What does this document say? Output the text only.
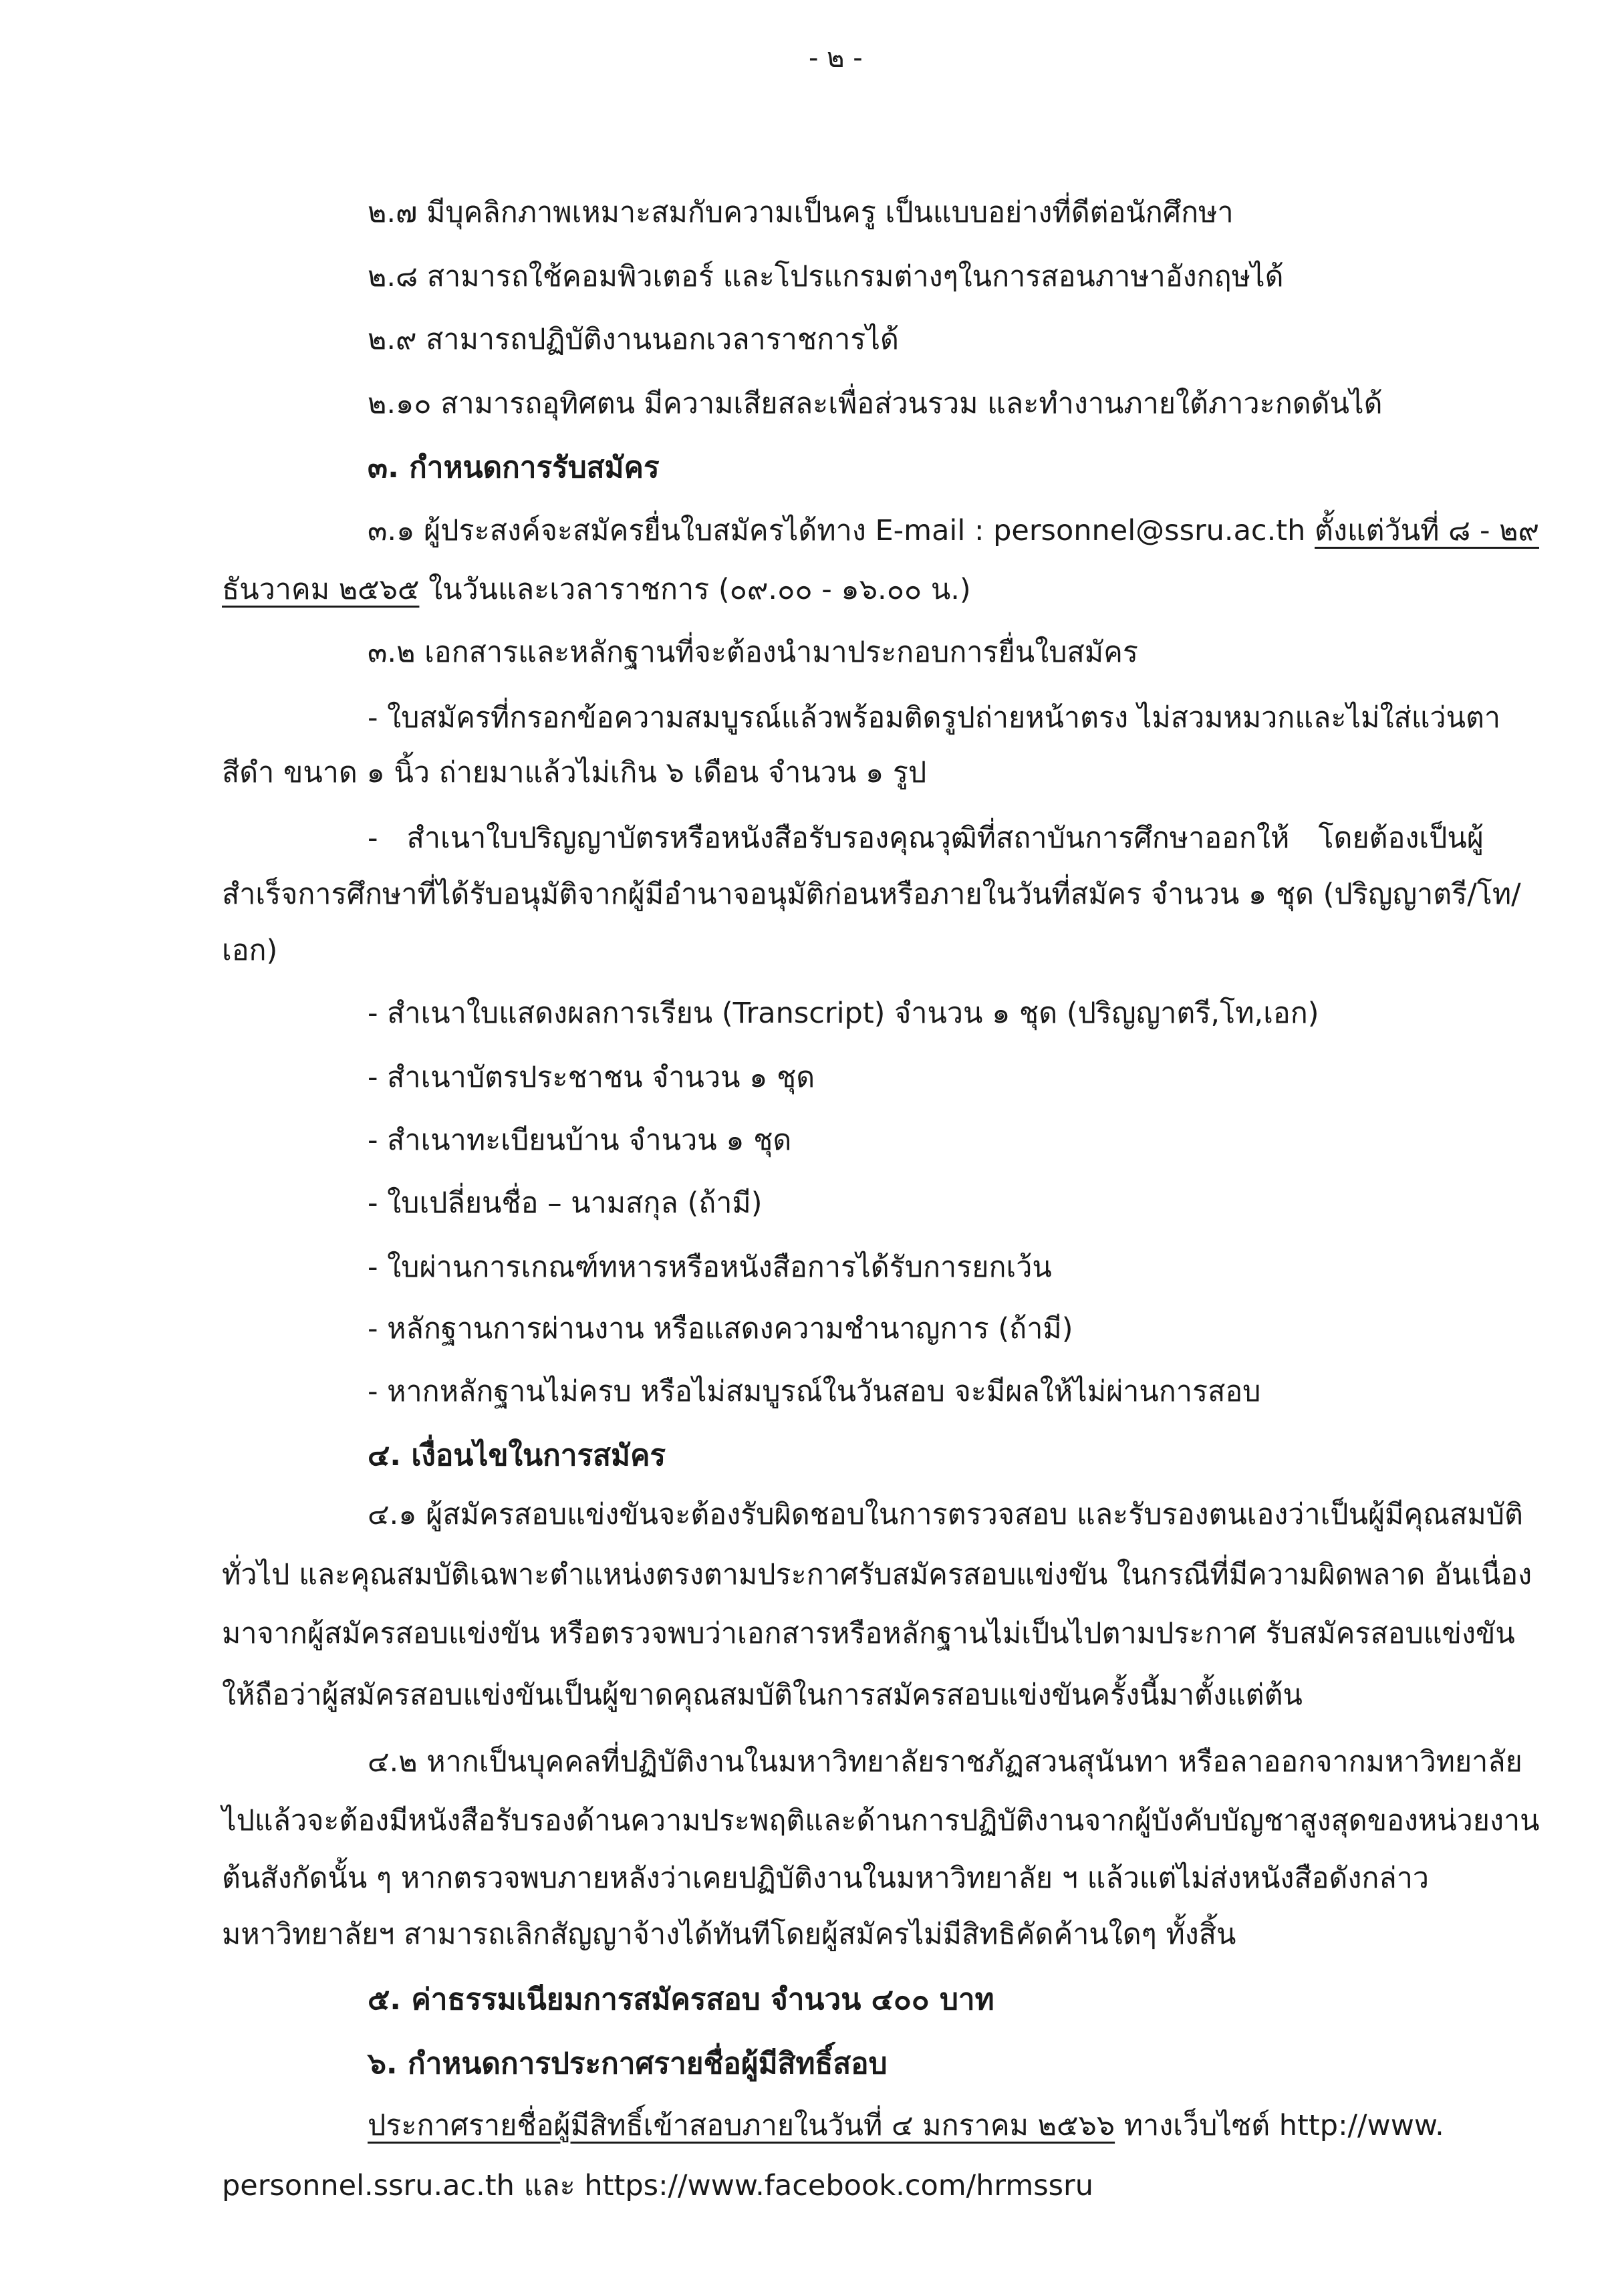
- ๒ -
๒.๗ มีบุคลิกภาพเหมาะสมกับความเป็นครู เป็นแบบอย่างที่ดีต่อนักศึกษา
๒.๘ สามารถใช้คอมพิวเตอร์ และโปรแกรมต่างๆในการสอนภาษาอังกฤษได้
๒.๙ สามารถปฏิบัติงานนอกเวลาราชการได้
๒.๑๐ สามารถอุทิศตน มีความเสียสละเพื่อส่วนรวม และทำงานภายใต้ภาวะกดดันได้
๓. กำหนดการรับสมัคร
๓.๑ ผู้ประสงค์จะสมัครยื่นใบสมัครได้ทาง E-mail : personnel@ssru.ac.th ตั้งแต่วันที่ ๘ - ๒๙
ธันวาคม ๒๕๖๕ ในวันและเวลาราชการ (๐๙.๐๐ - ๑๖.๐๐ น.)
๓.๒ เอกสารและหลักฐานที่จะต้องนำมาประกอบการยื่นใบสมัคร
- ใบสมัครที่กรอกข้อความสมบูรณ์แล้วพร้อมติดรูปถ่ายหน้าตรง ไม่สวมหมวกและไม่ใส่แว่นตา
สีดำ ขนาด ๑ นิ้ว ถ่ายมาแล้วไม่เกิน ๖ เดือน จำนวน ๑ รูป
- สำเนาใบปริญญาบัตรหรือหนังสือรับรองคุณวุฒิที่สถาบันการศึกษาออกให้ โดยต้องเป็นผู้
สำเร็จการศึกษาที่ได้รับอนุมัติจากผู้มีอำนาจอนุมัติก่อนหรือภายในวันที่สมัคร จำนวน ๑ ชุด (ปริญญาตรี/โท/
เอก)
- สำเนาใบแสดงผลการเรียน (Transcript) จำนวน ๑ ชุด (ปริญญาตรี,โท,เอก)
- สำเนาบัตรประชาชน จำนวน ๑ ชุด
- สำเนาทะเบียนบ้าน จำนวน ๑ ชุด
- ใบเปลี่ยนชื่อ – นามสกุล (ถ้ามี)
- ใบผ่านการเกณฑ์ทหารหรือหนังสือการได้รับการยกเว้น
- หลักฐานการผ่านงาน หรือแสดงความชำนาญการ (ถ้ามี)
- หากหลักฐานไม่ครบ หรือไม่สมบูรณ์ในวันสอบ จะมีผลให้ไม่ผ่านการสอบ
๔. เงื่อนไขในการสมัคร
๔.๑ ผู้สมัครสอบแข่งขันจะต้องรับผิดชอบในการตรวจสอบ และรับรองตนเองว่าเป็นผู้มีคุณสมบัติ
ทั่วไป และคุณสมบัติเฉพาะตำแหน่งตรงตามประกาศรับสมัครสอบแข่งขัน ในกรณีที่มีความผิดพลาด อันเนื่อง
มาจากผู้สมัครสอบแข่งขัน หรือตรวจพบว่าเอกสารหรือหลักฐานไม่เป็นไปตามประกาศ รับสมัครสอบแข่งขัน
ให้ถือว่าผู้สมัครสอบแข่งขันเป็นผู้ขาดคุณสมบัติในการสมัครสอบแข่งขันครั้งนี้มาตั้งแต่ต้น
๔.๒ หากเป็นบุคคลที่ปฏิบัติงานในมหาวิทยาลัยราชภัฏสวนสุนันทา หรือลาออกจากมหาวิทยาลัย
ไปแล้วจะต้องมีหนังสือรับรองด้านความประพฤติและด้านการปฏิบัติงานจากผู้บังคับบัญชาสูงสุดของหน่วยงาน
ต้นสังกัดนั้น ๆ หากตรวจพบภายหลังว่าเคยปฏิบัติงานในมหาวิทยาลัย ฯ แล้วแต่ไม่ส่งหนังสือดังกล่าว
มหาวิทยาลัยฯ สามารถเลิกสัญญาจ้างได้ทันทีโดยผู้สมัครไม่มีสิทธิคัดค้านใดๆ ทั้งสิ้น
๕. ค่าธรรมเนียมการสมัครสอบ จำนวน ๔๐๐ บาท
๖. กำหนดการประกาศรายชื่อผู้มีสิทธิ์สอบ
ประกาศรายชื่อผู้มีสิทธิ์เข้าสอบภายในวันที่ ๔ มกราคม ๒๕๖๖ ทางเว็บไซต์ http://www.
personnel.ssru.ac.th และ https://www.facebook.com/hrmssru
